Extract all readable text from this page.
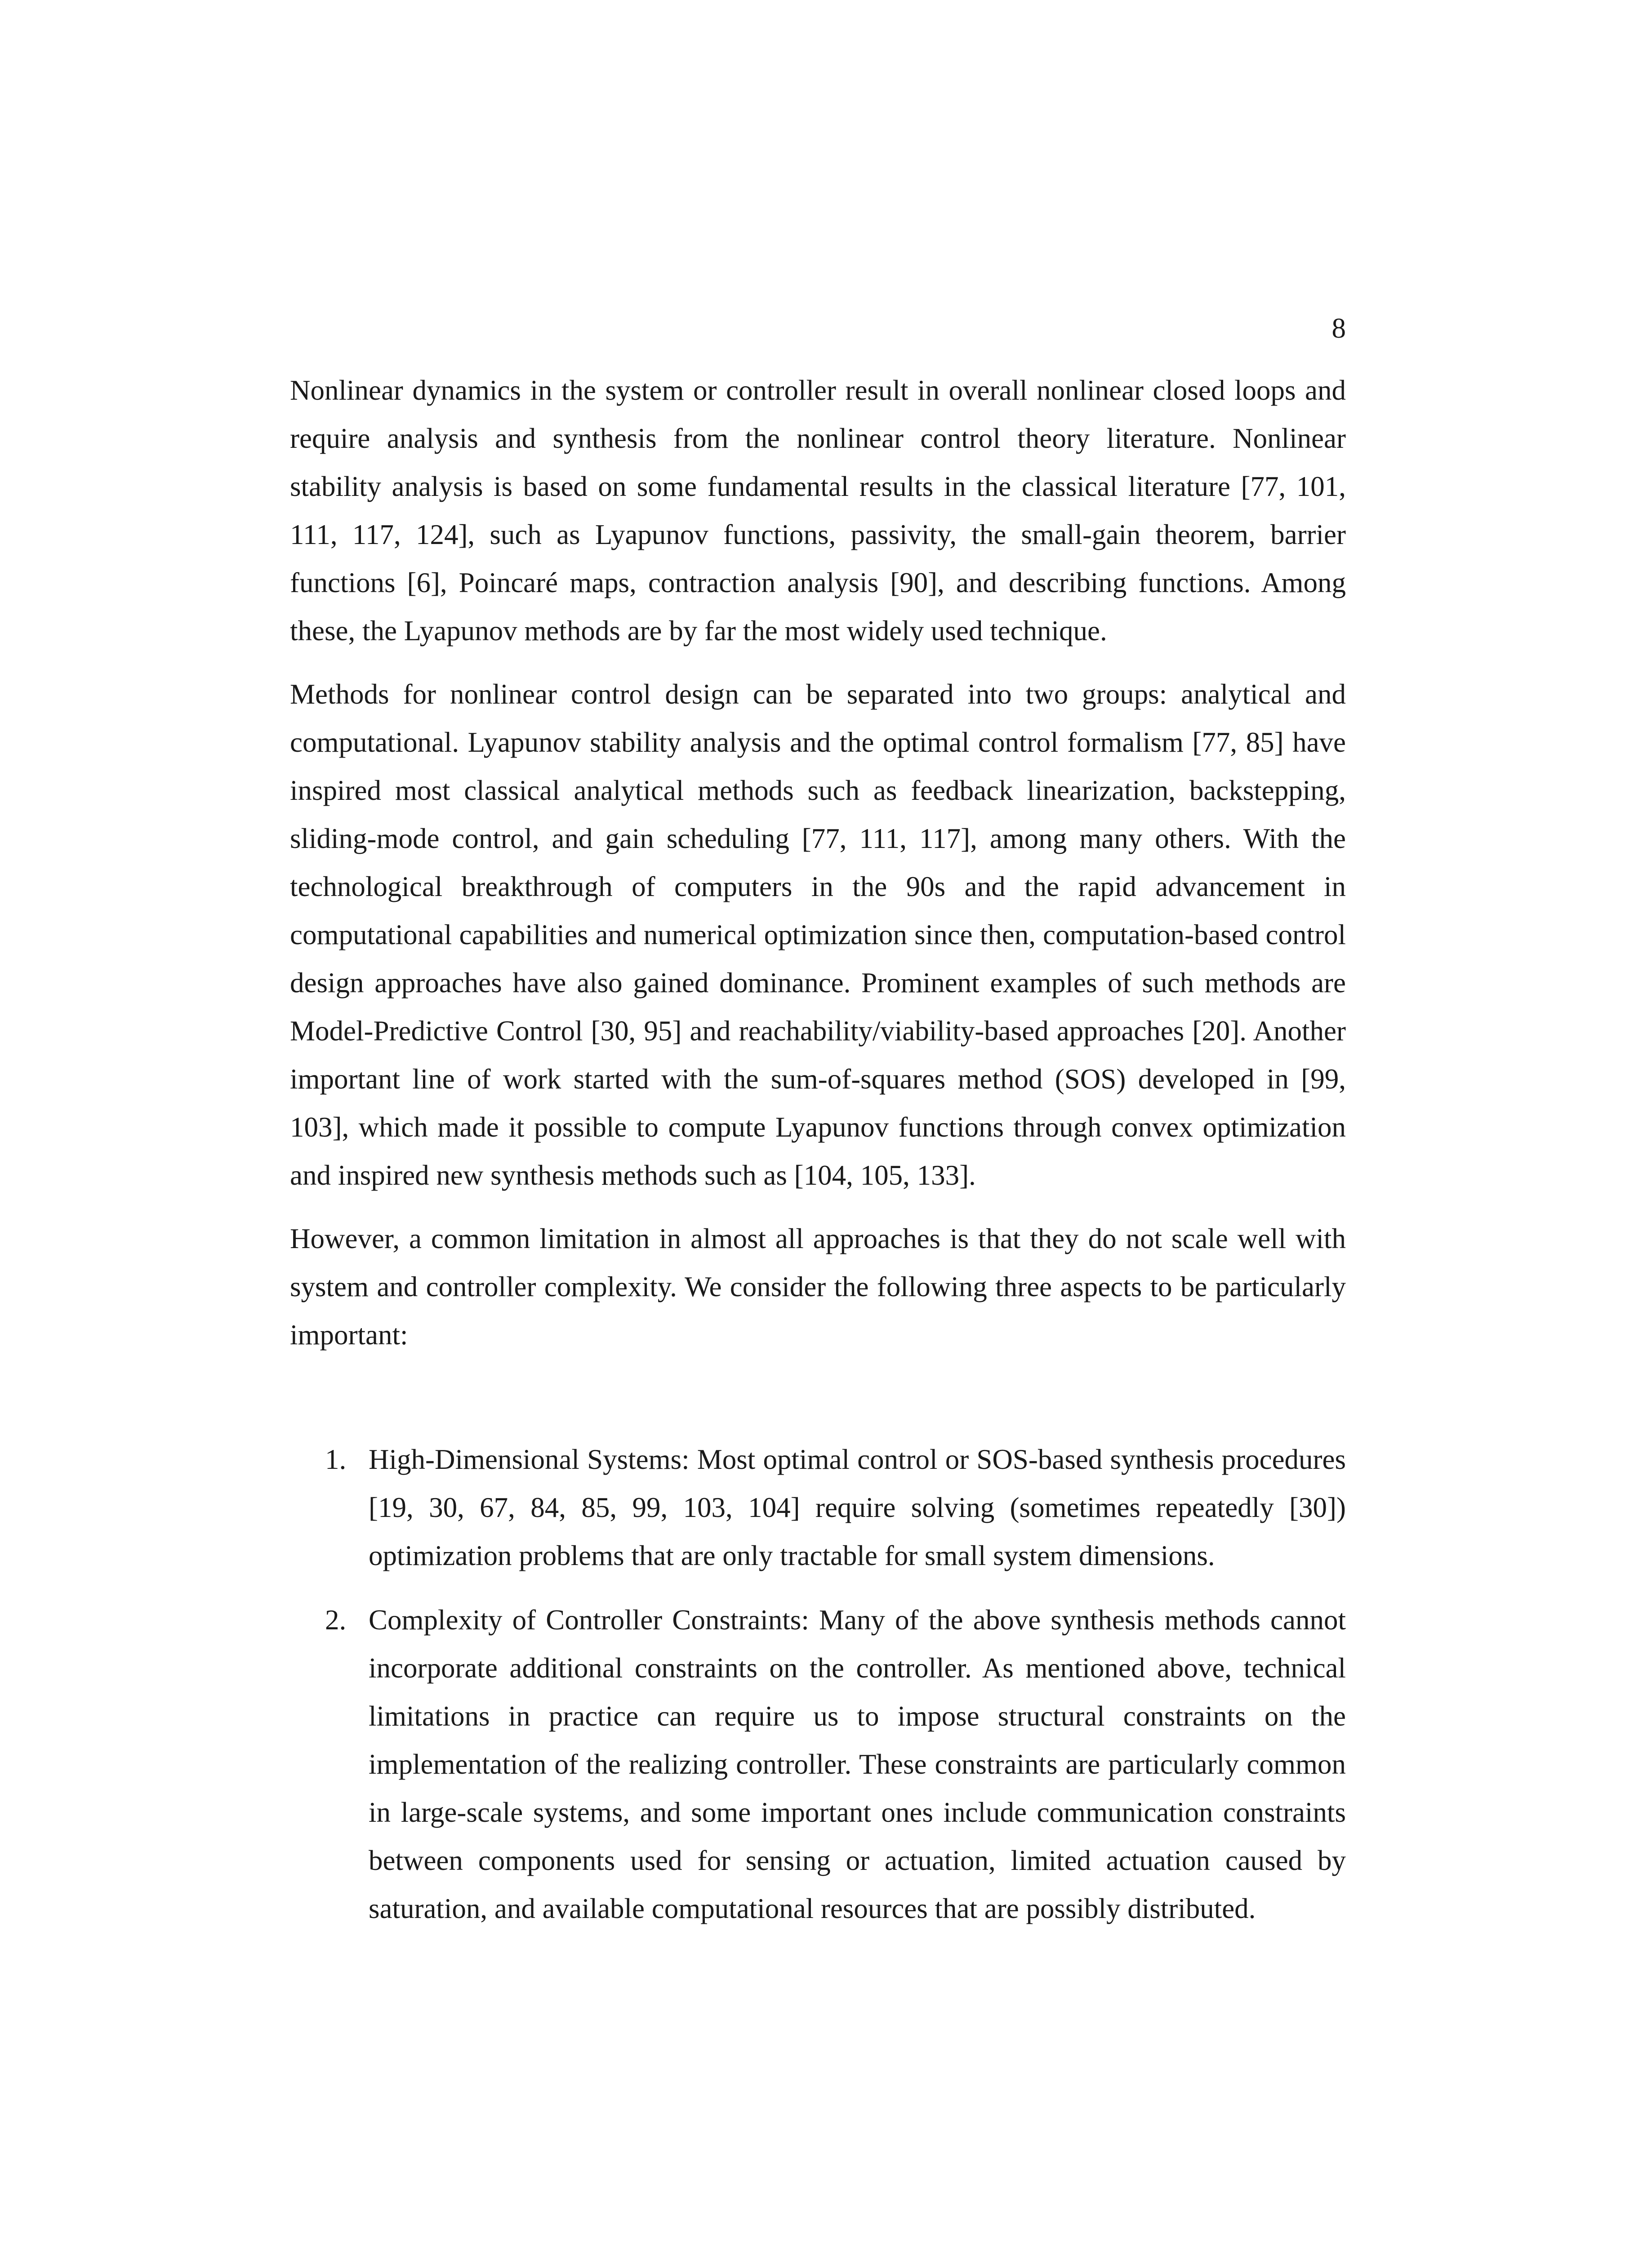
8

Nonlinear dynamics in the system or controller result in overall nonlinear closed loops and require analysis and synthesis from the nonlinear control theory literature. Nonlinear stability analysis is based on some fundamental results in the classical literature [77, 101, 111, 117, 124], such as Lyapunov functions, passivity, the small-gain theorem, barrier functions [6], Poincaré maps, contraction analysis [90], and describing functions. Among these, the Lyapunov methods are by far the most widely used technique.

Methods for nonlinear control design can be separated into two groups: analytical and computational. Lyapunov stability analysis and the optimal control formalism [77, 85] have inspired most classical analytical methods such as feedback linearization, backstepping, sliding-mode control, and gain scheduling [77, 111, 117], among many others. With the technological breakthrough of computers in the 90s and the rapid advancement in computational capabilities and numerical optimization since then, computation-based control design approaches have also gained dominance. Prominent examples of such methods are Model-Predictive Control [30, 95] and reachability/viability-based approaches [20]. Another important line of work started with the sum-of-squares method (SOS) developed in [99, 103], which made it possible to compute Lyapunov functions through convex optimization and inspired new synthesis methods such as [104, 105, 133].

However, a common limitation in almost all approaches is that they do not scale well with system and controller complexity. We consider the following three aspects to be particularly important:

1. High-Dimensional Systems: Most optimal control or SOS-based synthesis procedures [19, 30, 67, 84, 85, 99, 103, 104] require solving (sometimes repeatedly [30]) optimization problems that are only tractable for small system dimensions.
2. Complexity of Controller Constraints: Many of the above synthesis methods cannot incorporate additional constraints on the controller. As mentioned above, technical limitations in practice can require us to impose structural constraints on the implementation of the realizing controller. These constraints are particularly common in large-scale systems, and some important ones include communication constraints between components used for sensing or actuation, limited actuation caused by saturation, and available computational resources that are possibly distributed.
